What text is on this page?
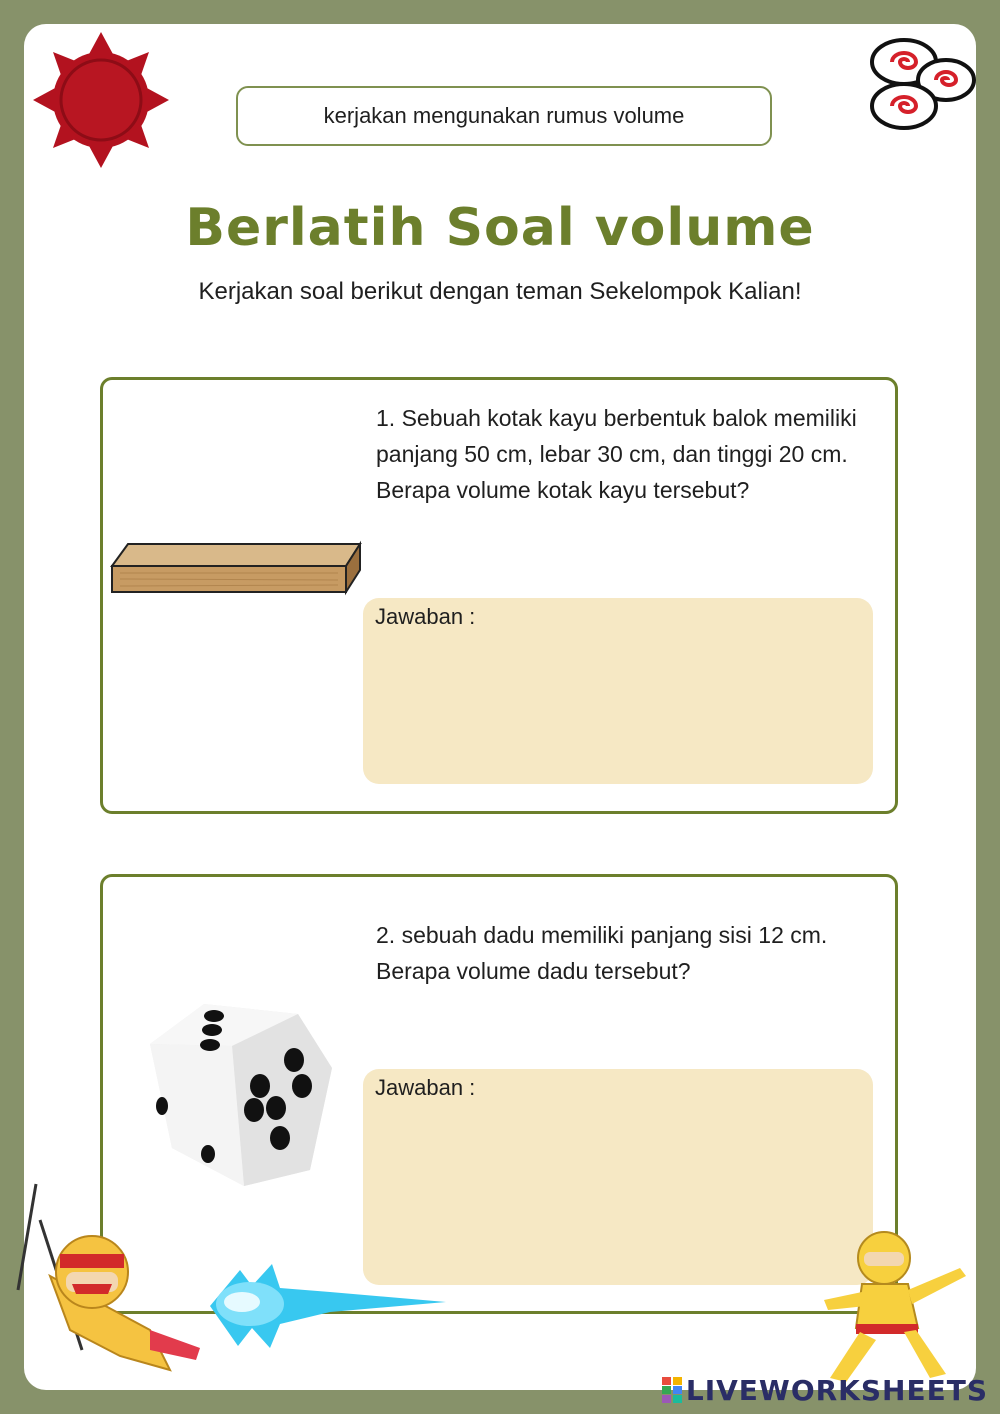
kerjakan mengunakan rumus volume
Berlatih Soal volume
Kerjakan soal berikut dengan teman Sekelompok Kalian!
1. Sebuah kotak kayu berbentuk balok memiliki panjang 50 cm, lebar 30 cm, dan tinggi 20 cm. Berapa volume kotak kayu tersebut?
Jawaban :
2. sebuah dadu memiliki panjang sisi 12 cm. Berapa volume dadu tersebut?
Jawaban :
LIVEWORKSHEETS
